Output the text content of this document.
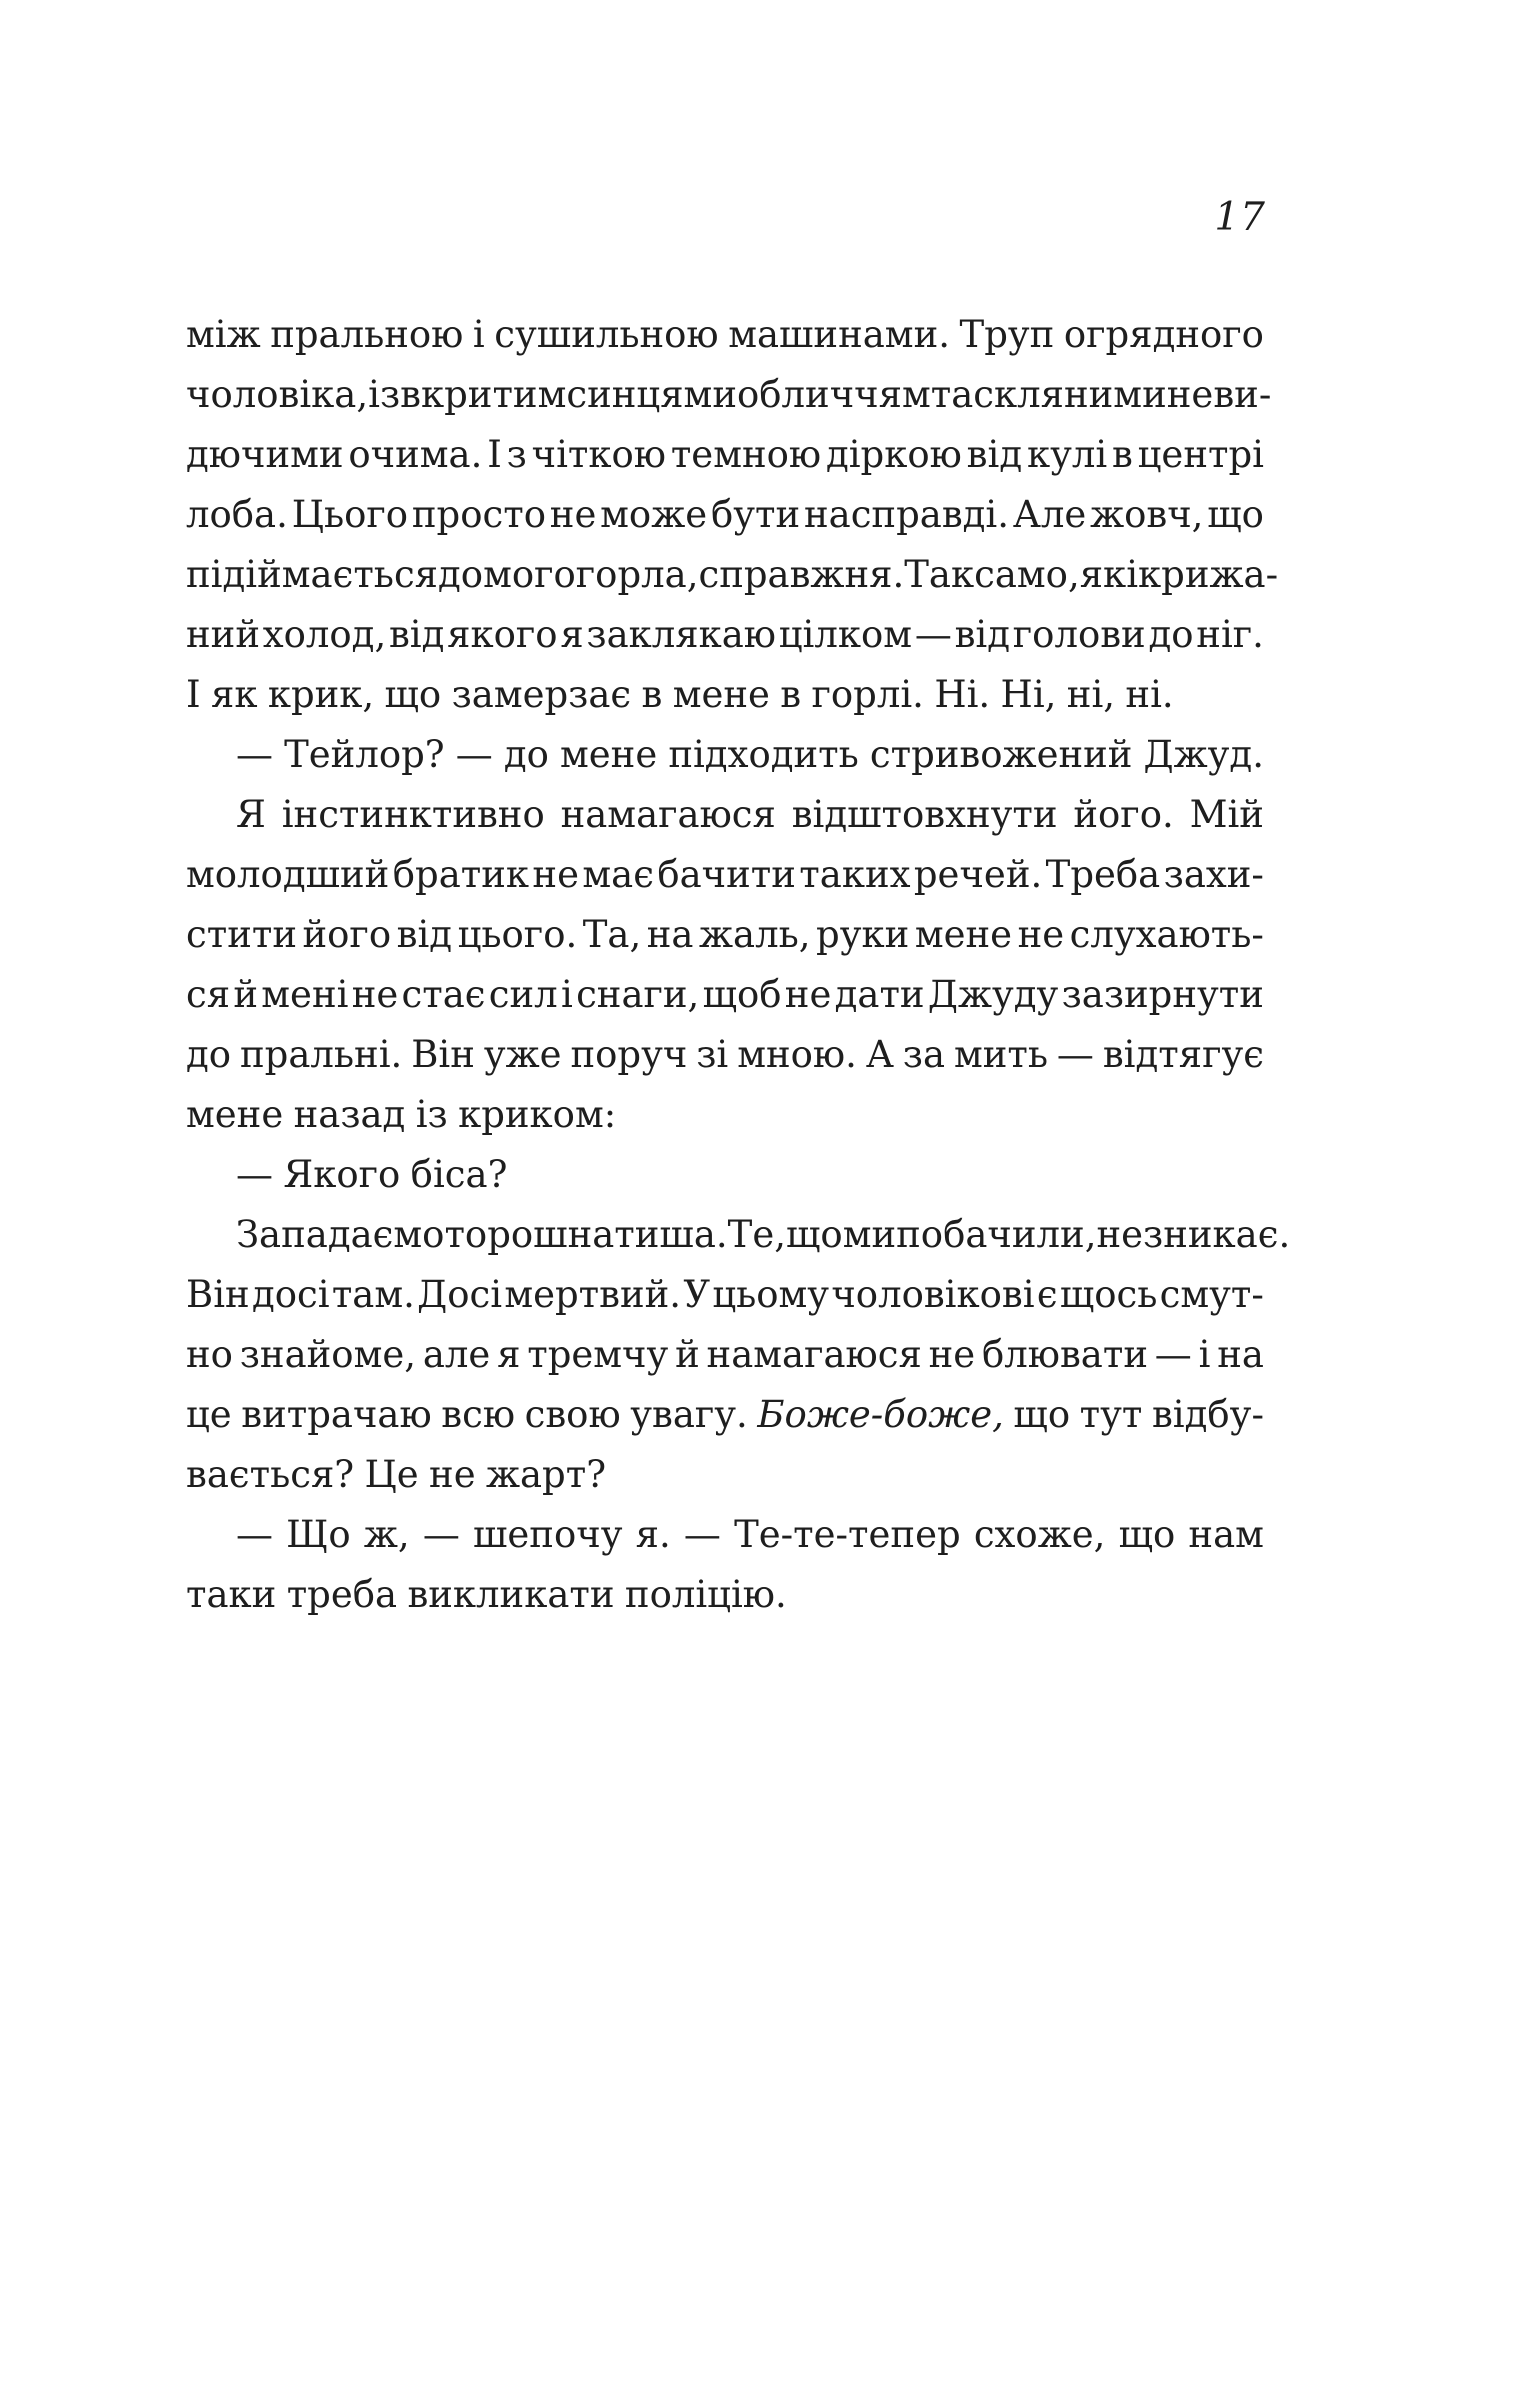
17
між пральною і сушильною машинами. Труп огрядного
чоловіка, із вкритим синцями обличчям та скляними неви-
дючими очима. І з чіткою темною діркою від кулі в центрі
лоба. Цього просто не може бути насправді. Але жовч, що
підіймається до мого горла, справжня. Так само, як і крижа-
ний холод, від якого я заклякаю цілком — від голови до ніг.
І як крик, що замерзає в мене в горлі. Ні. Ні, ні, ні.
— Тейлор? — до мене підходить стривожений Джуд.
Я інстинктивно намагаюся відштовхнути його. Мій
молодший братик не має бачити таких речей. Треба захи-
стити його від цього. Та, на жаль, руки мене не слухають-
ся й мені не стає сил і снаги, щоб не дати Джуду зазирнути
до пральні. Він уже поруч зі мною. А за мить — відтягує
мене назад із криком:
— Якого біса?
Западає моторошна тиша. Те, що ми побачили, не зникає.
Він досі там. Досі мертвий. У цьому чоловікові є щось смут-
но знайоме, але я тремчу й намагаюся не блювати — і на
це витрачаю всю свою увагу. Боже-боже, що тут відбу-
вається? Це не жарт?
— Що ж, — шепочу я. — Те-те-тепер схоже, що нам
таки треба викликати поліцію.
